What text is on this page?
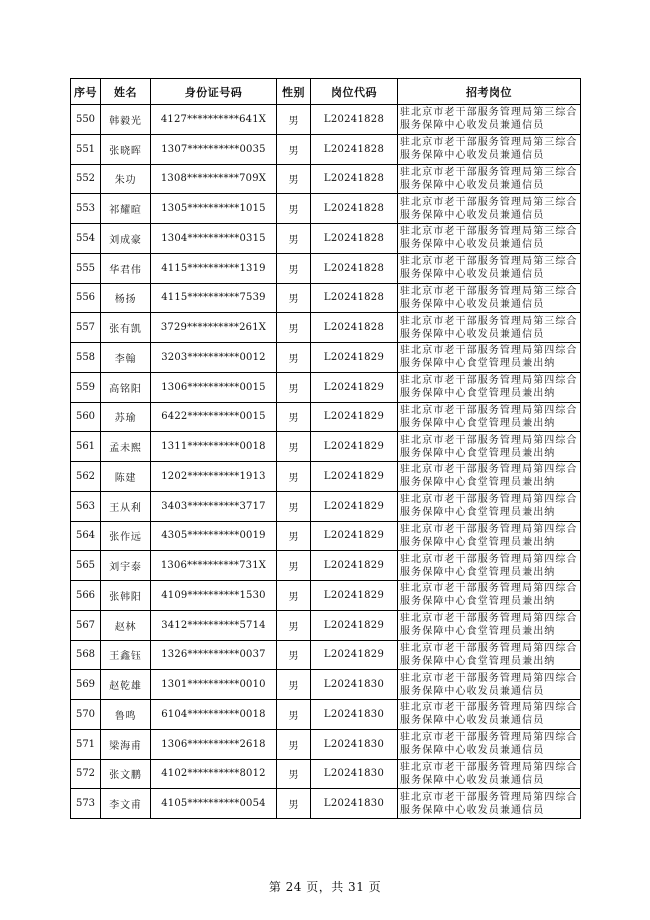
序号	姓名	身份证号码	性别	岗位代码	招考岗位
550	韩毅光	4127**********641X	男	L20241828	驻北京市老干部服务管理局第三综合服务保障中心收发员兼通信员
551	张晓晖	1307**********0035	男	L20241828	驻北京市老干部服务管理局第三综合服务保障中心收发员兼通信员
552	朱功	1308**********709X	男	L20241828	驻北京市老干部服务管理局第三综合服务保障中心收发员兼通信员
553	祁耀暄	1305**********1015	男	L20241828	驻北京市老干部服务管理局第三综合服务保障中心收发员兼通信员
554	刘成豪	1304**********0315	男	L20241828	驻北京市老干部服务管理局第三综合服务保障中心收发员兼通信员
555	华君伟	4115**********1319	男	L20241828	驻北京市老干部服务管理局第三综合服务保障中心收发员兼通信员
556	杨扬	4115**********7539	男	L20241828	驻北京市老干部服务管理局第三综合服务保障中心收发员兼通信员
557	张有凯	3729**********261X	男	L20241828	驻北京市老干部服务管理局第三综合服务保障中心收发员兼通信员
558	李翰	3203**********0012	男	L20241829	驻北京市老干部服务管理局第四综合服务保障中心食堂管理员兼出纳
559	高铭阳	1306**********0015	男	L20241829	驻北京市老干部服务管理局第四综合服务保障中心食堂管理员兼出纳
560	苏瑜	6422**********0015	男	L20241829	驻北京市老干部服务管理局第四综合服务保障中心食堂管理员兼出纳
561	孟未熙	1311**********0018	男	L20241829	驻北京市老干部服务管理局第四综合服务保障中心食堂管理员兼出纳
562	陈建	1202**********1913	男	L20241829	驻北京市老干部服务管理局第四综合服务保障中心食堂管理员兼出纳
563	王从利	3403**********3717	男	L20241829	驻北京市老干部服务管理局第四综合服务保障中心食堂管理员兼出纳
564	张作远	4305**********0019	男	L20241829	驻北京市老干部服务管理局第四综合服务保障中心食堂管理员兼出纳
565	刘宇泰	1306**********731X	男	L20241829	驻北京市老干部服务管理局第四综合服务保障中心食堂管理员兼出纳
566	张韩阳	4109**********1530	男	L20241829	驻北京市老干部服务管理局第四综合服务保障中心食堂管理员兼出纳
567	赵林	3412**********5714	男	L20241829	驻北京市老干部服务管理局第四综合服务保障中心食堂管理员兼出纳
568	王鑫钰	1326**********0037	男	L20241829	驻北京市老干部服务管理局第四综合服务保障中心食堂管理员兼出纳
569	赵乾雄	1301**********0010	男	L20241830	驻北京市老干部服务管理局第四综合服务保障中心收发员兼通信员
570	鲁鸣	6104**********0018	男	L20241830	驻北京市老干部服务管理局第四综合服务保障中心收发员兼通信员
571	梁海甫	1306**********2618	男	L20241830	驻北京市老干部服务管理局第四综合服务保障中心收发员兼通信员
572	张文鹏	4102**********8012	男	L20241830	驻北京市老干部服务管理局第四综合服务保障中心收发员兼通信员
573	李文甫	4105**********0054	男	L20241830	驻北京市老干部服务管理局第四综合服务保障中心收发员兼通信员
第 24 页，共 31 页
